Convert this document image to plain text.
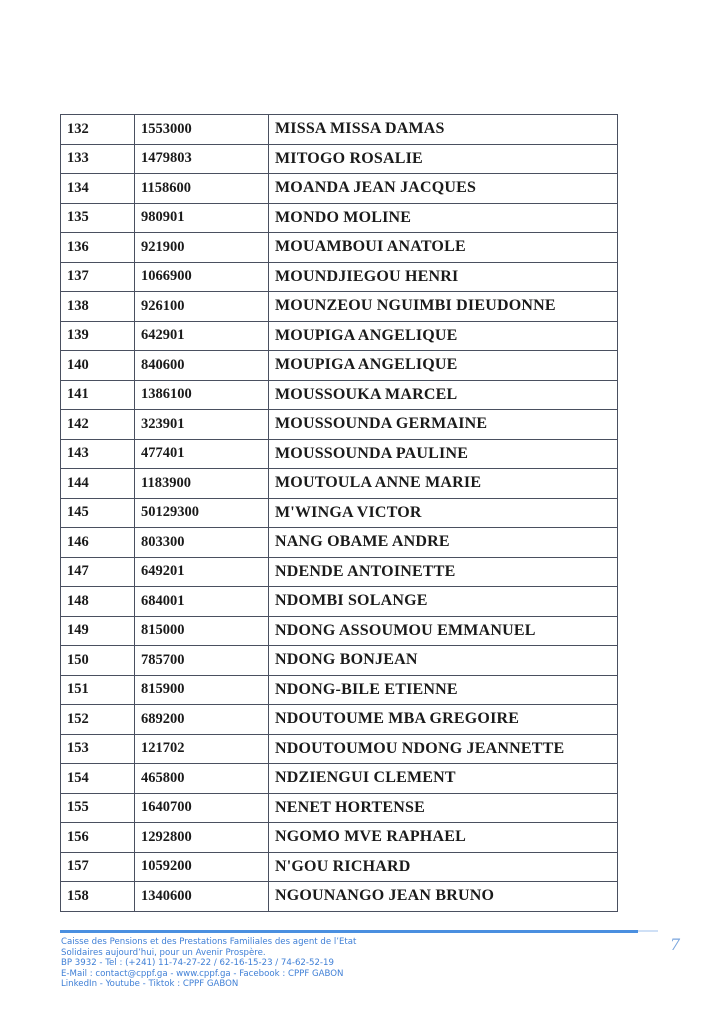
132	1553000	MISSA MISSA DAMAS
133	1479803	MITOGO ROSALIE
134	1158600	MOANDA JEAN JACQUES
135	980901	MONDO MOLINE
136	921900	MOUAMBOUI ANATOLE
137	1066900	MOUNDJIEGOU HENRI
138	926100	MOUNZEOU NGUIMBI DIEUDONNE
139	642901	MOUPIGA ANGELIQUE
140	840600	MOUPIGA ANGELIQUE
141	1386100	MOUSSOUKA MARCEL
142	323901	MOUSSOUNDA GERMAINE
143	477401	MOUSSOUNDA PAULINE
144	1183900	MOUTOULA ANNE MARIE
145	50129300	M'WINGA VICTOR
146	803300	NANG OBAME ANDRE
147	649201	NDENDE ANTOINETTE
148	684001	NDOMBI SOLANGE
149	815000	NDONG ASSOUMOU EMMANUEL
150	785700	NDONG BONJEAN
151	815900	NDONG-BILE ETIENNE
152	689200	NDOUTOUME MBA GREGOIRE
153	121702	NDOUTOUMOU NDONG JEANNETTE
154	465800	NDZIENGUI CLEMENT
155	1640700	NENET HORTENSE
156	1292800	NGOMO MVE RAPHAEL
157	1059200	N'GOU RICHARD
158	1340600	NGOUNANGO JEAN BRUNO
Caisse des Pensions et des Prestations Familiales des agent de l’Etat
Solidaires aujourd’hui, pour un Avenir Prospère.
BP 3932 - Tel : (+241) 11-74-27-22 / 62-16-15-23 / 74-62-52-19
E-Mail : contact@cppf.ga - www.cppf.ga - Facebook : CPPF GABON
LinkedIn - Youtube - Tiktok : CPPF GABON
7
